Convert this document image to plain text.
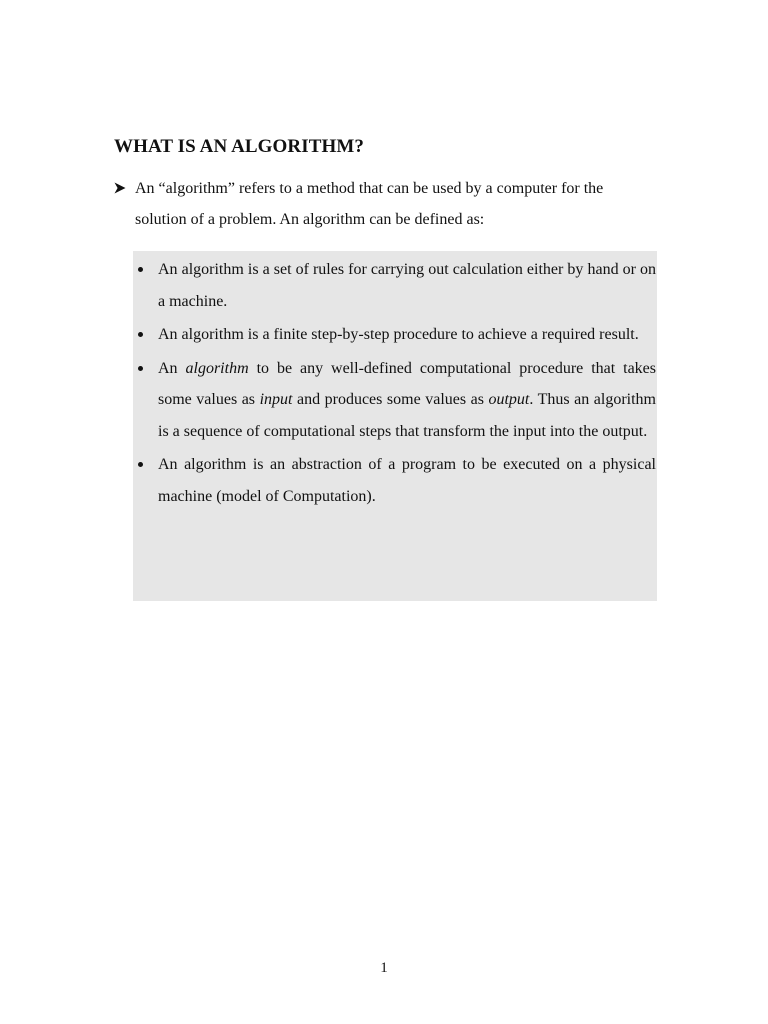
WHAT IS AN ALGORITHM?
An “algorithm” refers to a method that can be used by a computer for the solution of a problem. An algorithm can be defined as:
An algorithm is a set of rules for carrying out calculation either by hand or on a machine.
An algorithm is a finite step-by-step procedure to achieve a required result.
An algorithm to be any well-defined computational procedure that takes some values as input and produces some values as output. Thus an algorithm is a sequence of computational steps that transform the input into the output.
An algorithm is an abstraction of a program to be executed on a physical machine (model of Computation).
1
